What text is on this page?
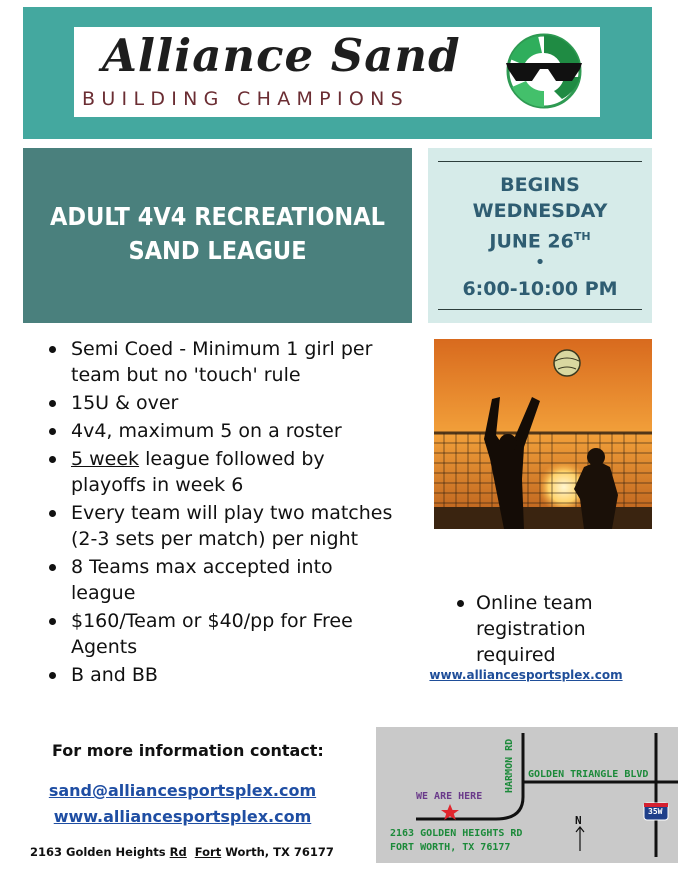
Alliance Sand
BUILDING CHAMPIONS
ADULT 4V4 RECREATIONAL
SAND LEAGUE
BEGINS
WEDNESDAY
JUNE 26TH
•
6:00-10:00 PM
Semi Coed - Minimum 1 girl per team but no 'touch' rule
15U & over
4v4, maximum 5 on a roster
5 week league followed by playoffs in week 6
Every team will play two matches (2-3 sets per match) per night
8 Teams max accepted into league
$160/Team or $40/pp for Free Agents
B and BB
Online team registration required
www.alliancesportsplex.com
For more information contact:
sand@alliancesportsplex.com
www.alliancesportsplex.com
2163 Golden Heights Rd Fort Worth, TX 76177
HARMON RD GOLDEN TRIANGLE BLVD
WE ARE HERE
2163 GOLDEN HEIGHTS RD
FORT WORTH, TX 76177
N
35W
